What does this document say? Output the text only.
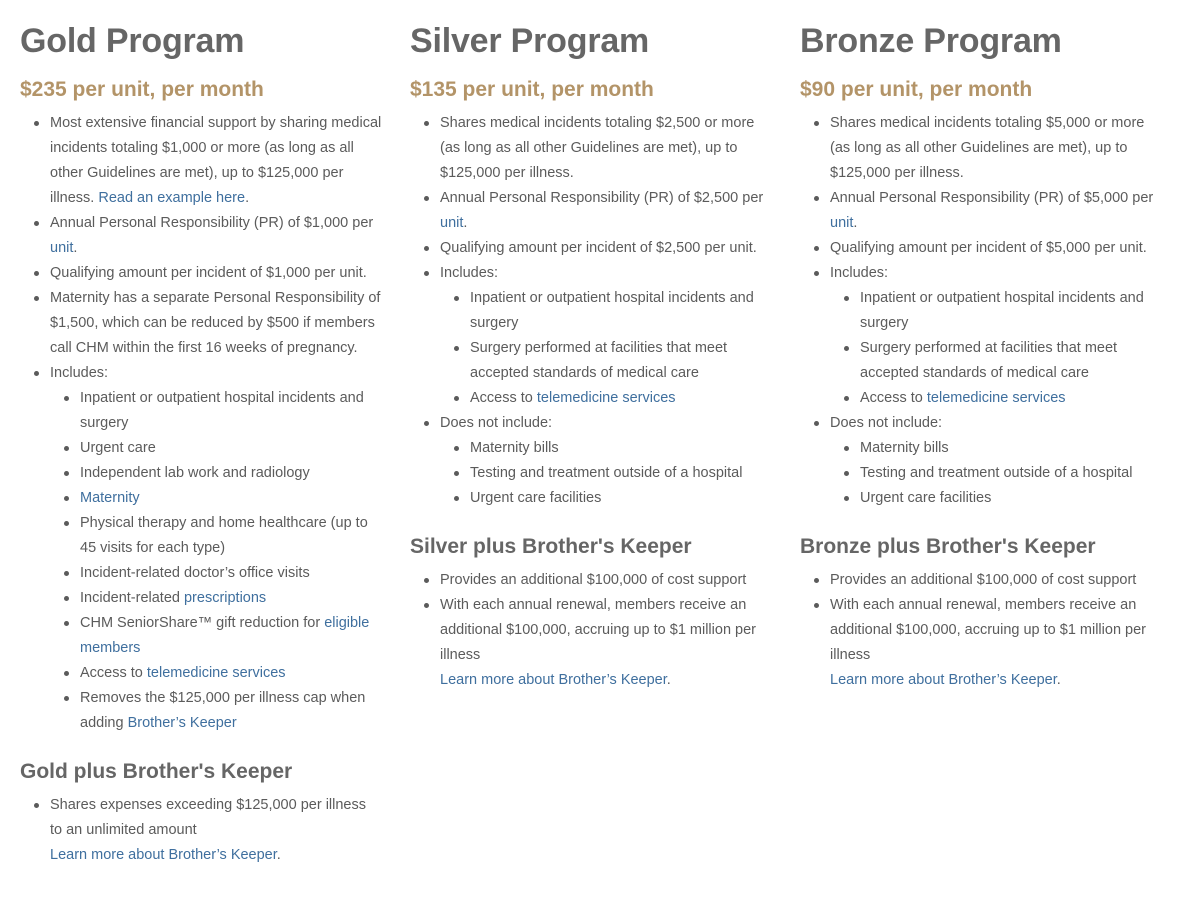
Gold Program
$235 per unit, per month
Most extensive financial support by sharing medical incidents totaling $1,000 or more (as long as all other Guidelines are met), up to $125,000 per illness. Read an example here.
Annual Personal Responsibility (PR) of $1,000 per unit.
Qualifying amount per incident of $1,000 per unit.
Maternity has a separate Personal Responsibility of $1,500, which can be reduced by $500 if members call CHM within the first 16 weeks of pregnancy.
Includes:
Inpatient or outpatient hospital incidents and surgery
Urgent care
Independent lab work and radiology
Maternity
Physical therapy and home healthcare (up to 45 visits for each type)
Incident-related doctor’s office visits
Incident-related prescriptions
CHM SeniorShare™ gift reduction for eligible members
Access to telemedicine services
Removes the $125,000 per illness cap when adding Brother’s Keeper
Gold plus Brother's Keeper
Shares expenses exceeding $125,000 per illness to an unlimited amount
Learn more about Brother’s Keeper.
Silver Program
$135 per unit, per month
Shares medical incidents totaling $2,500 or more (as long as all other Guidelines are met), up to $125,000 per illness.
Annual Personal Responsibility (PR) of $2,500 per unit.
Qualifying amount per incident of $2,500 per unit.
Includes:
Inpatient or outpatient hospital incidents and surgery
Surgery performed at facilities that meet accepted standards of medical care
Access to telemedicine services
Does not include:
Maternity bills
Testing and treatment outside of a hospital
Urgent care facilities
Silver plus Brother's Keeper
Provides an additional $100,000 of cost support
With each annual renewal, members receive an additional $100,000, accruing up to $1 million per illness
Learn more about Brother’s Keeper.
Bronze Program
$90 per unit, per month
Shares medical incidents totaling $5,000 or more (as long as all other Guidelines are met), up to $125,000 per illness.
Annual Personal Responsibility (PR) of $5,000 per unit.
Qualifying amount per incident of $5,000 per unit.
Includes:
Inpatient or outpatient hospital incidents and surgery
Surgery performed at facilities that meet accepted standards of medical care
Access to telemedicine services
Does not include:
Maternity bills
Testing and treatment outside of a hospital
Urgent care facilities
Bronze plus Brother's Keeper
Provides an additional $100,000 of cost support
With each annual renewal, members receive an additional $100,000, accruing up to $1 million per illness
Learn more about Brother’s Keeper.
